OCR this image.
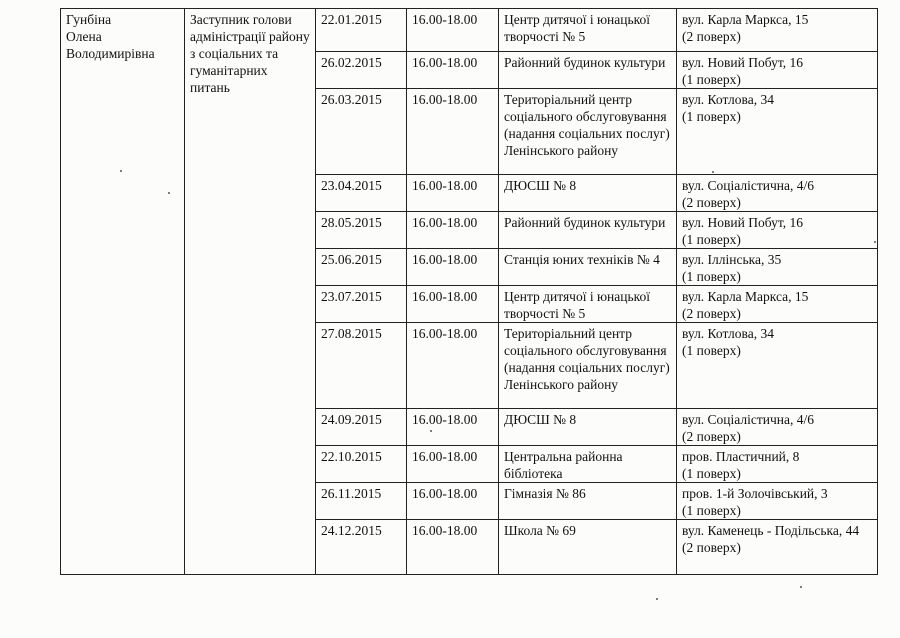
Гунбіна
Олена
Володимирівна	Заступник голови адміністрації району з соціальних та гуманітарних питань	22.01.2015	16.00-18.00	Центр дитячої і юнацької творчості № 5	вул. Карла Маркса, 15
(2 поверх)
		26.02.2015	16.00-18.00	Районний будинок культури	вул. Новий Побут, 16
(1 поверх)
		26.03.2015	16.00-18.00	Територіальний центр соціального обслуговування (надання соціальних послуг) Ленінського району	вул. Котлова, 34
(1 поверх)
		23.04.2015	16.00-18.00	ДЮСШ № 8	вул. Соціалістична, 4/6
(2 поверх)
		28.05.2015	16.00-18.00	Районний будинок культури	вул. Новий Побут, 16
(1 поверх)
		25.06.2015	16.00-18.00	Станція юних техніків № 4	вул. Іллінська, 35
(1 поверх)
		23.07.2015	16.00-18.00	Центр дитячої і юнацької творчості № 5	вул. Карла Маркса, 15
(2 поверх)
		27.08.2015	16.00-18.00	Територіальний центр соціального обслуговування (надання соціальних послуг) Ленінського району	вул. Котлова, 34
(1 поверх)
		24.09.2015	16.00-18.00	ДЮСШ № 8	вул. Соціалістична, 4/6
(2 поверх)
		22.10.2015	16.00-18.00	Центральна районна бібліотека	пров. Пластичний, 8
(1 поверх)
		26.11.2015	16.00-18.00	Гімназія № 86	пров. 1-й Золочівський, 3
(1 поверх)
		24.12.2015	16.00-18.00	Школа № 69	вул. Каменець - Подільська, 44
(2 поверх)
